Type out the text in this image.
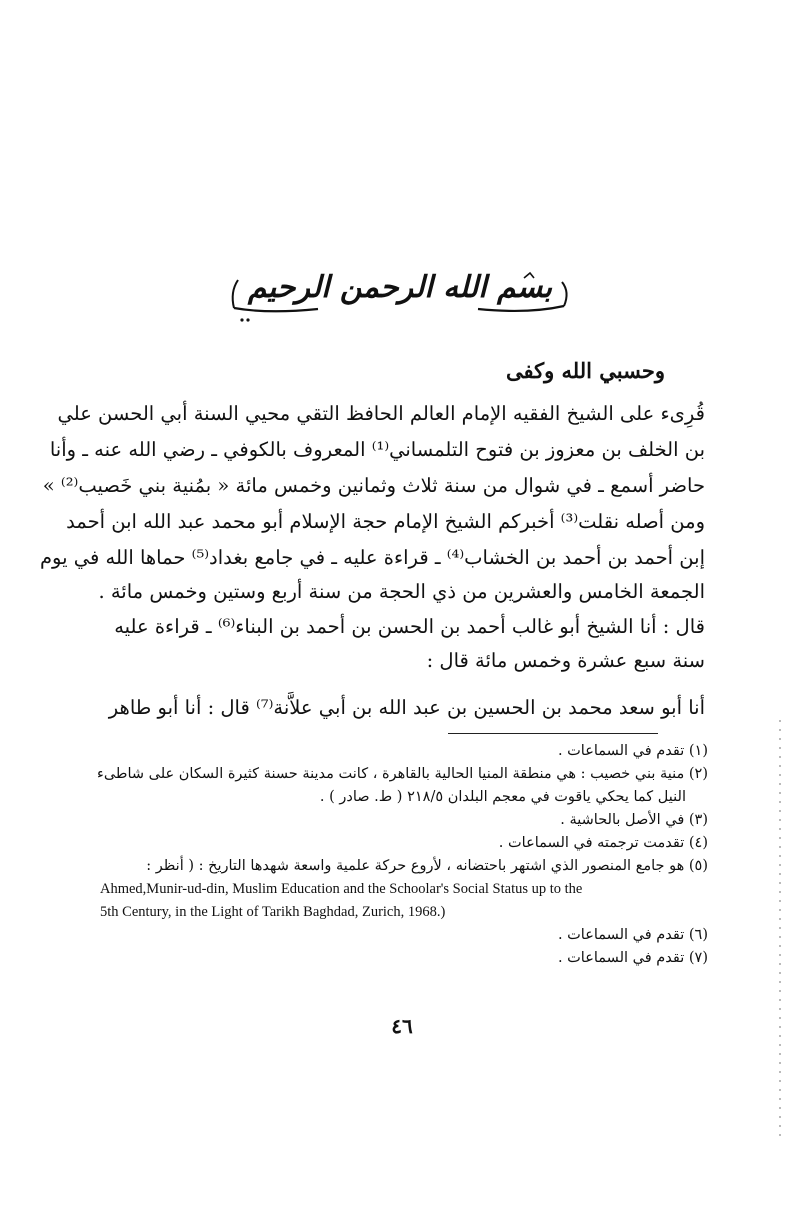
بسم الله الرحمن الرحيم
وحسبي الله وكفى
قُرِىء على الشيخ الفقيه الإمام العالم الحافظ التقي محيي السنة أبي الحسن علي
بن الخلف بن معزوز بن فتوح التلمساني⁽¹⁾ المعروف بالكوفي ـ رضي الله عنه ـ وأنا
حاضر أسمع ـ في شوال من سنة ثلاث وثمانين وخمس مائة « بمُنية بني خَصيب⁽²⁾ »
ومن أصله نقلت⁽³⁾ أخبركم الشيخ الإمام حجة الإسلام أبو محمد عبد الله ابن أحمد
إبن أحمد بن أحمد بن الخشاب⁽⁴⁾ ـ قراءة عليه ـ في جامع بغداد⁽⁵⁾ حماها الله في يوم
الجمعة الخامس والعشرين من ذي الحجة من سنة أربع وستين وخمس مائة .
قال : أنا الشيخ أبو غالب أحمد بن الحسن بن أحمد بن البناء⁽⁶⁾ ـ قراءة عليه
سنة سبع عشرة وخمس مائة قال :
أنا أبو سعد محمد بن الحسين بن عبد الله بن أبي علاَّنة⁽⁷⁾ قال : أنا أبو طاهر
(١) تقدم في السماعات .
(٢) منية بني خصيب : هي منطقة المنيا الحالية بالقاهرة ، كانت مدينة حسنة كثيرة السكان على شاطىء
النيل كما يحكي ياقوت في معجم البلدان ٢١٨/٥ ( ط. صادر ) .
(٣) في الأصل بالحاشية .
(٤) تقدمت ترجمته في السماعات .
(٥) هو جامع المنصور الذي اشتهر باحتضانه ، لأروع حركة علمية واسعة شهدها التاريخ : ( أنظر :
Ahmed,Munir-ud-din, Muslim Education and the Schoolar's Social Status up to the
5th Century, in the Light of Tarikh Baghdad, Zurich, 1968.)
(٦) تقدم في السماعات .
(٧) تقدم في السماعات .
٤٦
